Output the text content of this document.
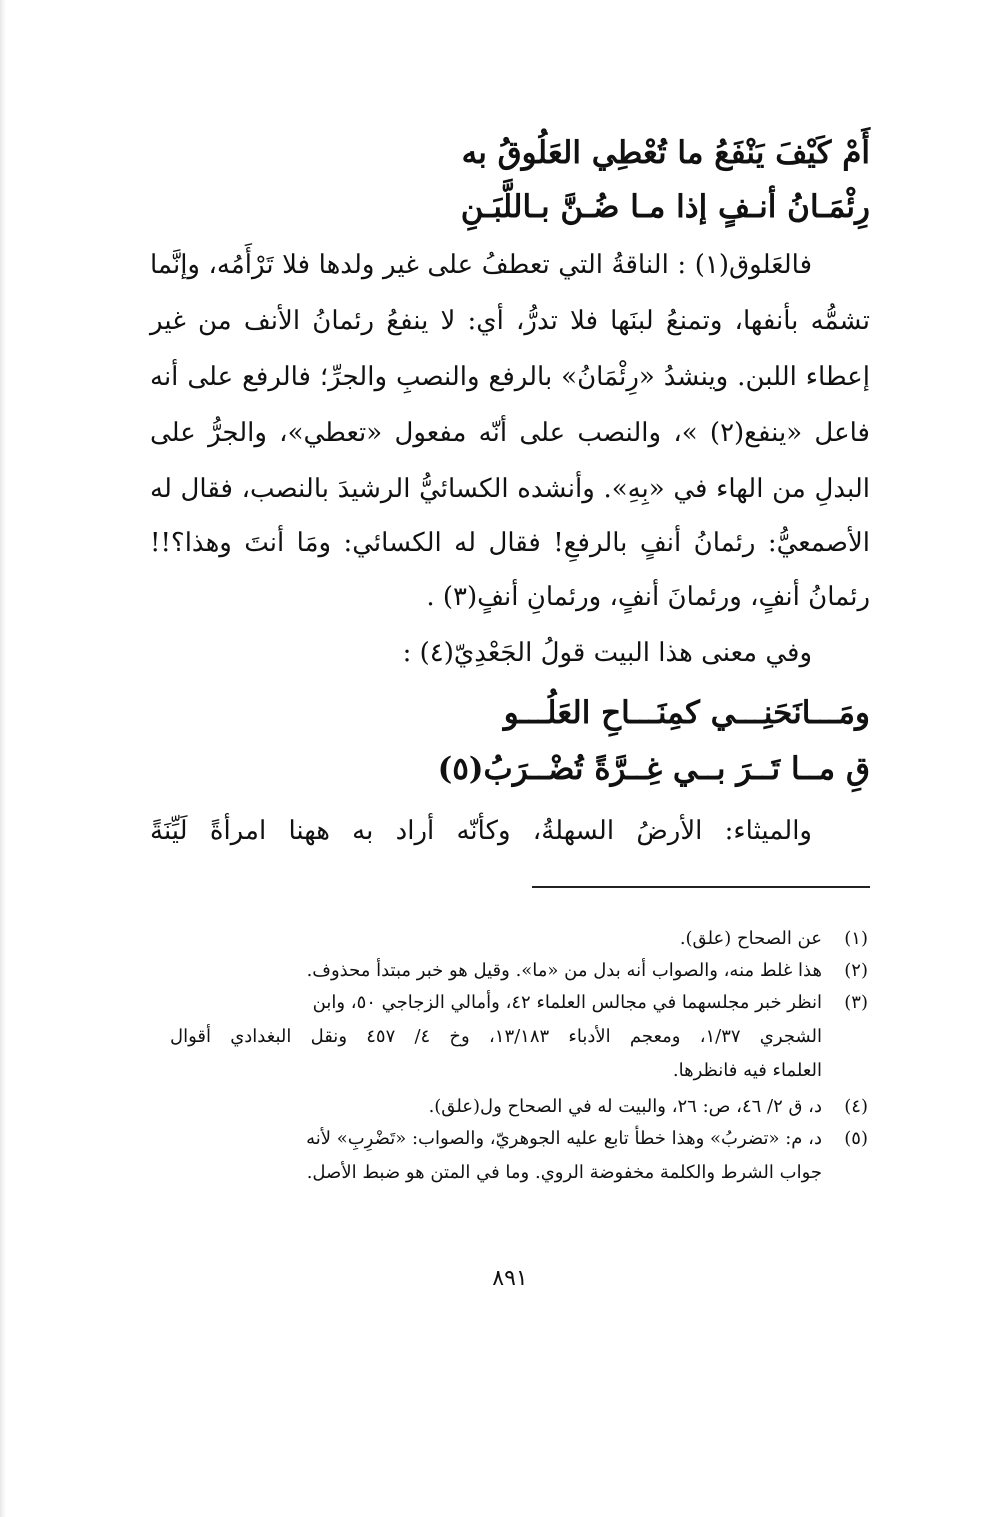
أَمْ كَيْفَ يَنْفَعُ ما تُعْطِي العَلُوقُ به
رِئْمَـانُ أنـفٍ إذا مـا ضُـنَّ بـاللَّبَـنِ
فالعَلوق(١) : الناقةُ التي تعطفُ على غير ولدها فلا تَرْأَمُه، وإنَّما
تشمُّه بأنفها، وتمنعُ لبنَها فلا تدرُّ، أي: لا ينفعُ رئمانُ الأنف من غير
إعطاء اللبن. وينشدُ «رِئْمَانُ» بالرفع والنصبِ والجرِّ؛ فالرفع على أنه
فاعل «ينفع(٢) »، والنصب على أنّه مفعول «تعطي»، والجرُّ على
البدلِ من الهاء في «بِهِ». وأنشده الكسائيُّ الرشيدَ بالنصب، فقال له
الأصمعيُّ: رئمانُ أنفٍ بالرفعِ! فقال له الكسائي: ومَا أنتَ وهذا؟!!
رئمانُ أنفٍ، ورئمانَ أنفٍ، ورئمانِ أنفٍ(٣) .
وفي معنى هذا البيت قولُ الجَعْدِيّ(٤) :
ومَـــانَحَنِـــي كمِنَـــاحِ العَلُـــو
قِ مــا تَــرَ بــي غِــرَّةً تُضْــرَبُ(٥)
والميثاء: الأرضُ السهلةُ، وكأنّه أراد به ههنا امرأةً لَيِّنَةً
(١)عن الصحاح (علق).
(٢)هذا غلط منه، والصواب أنه بدل من «ما». وقيل هو خبر مبتدأ محذوف.
(٣)انظر خبر مجلسهما في مجالس العلماء ٤٢، وأمالي الزجاجي ٥٠، وابن
الشجري ١/٣٧، ومعجم الأدباء ١٣/١٨٣، وخ ٤/ ٤٥٧ ونقل البغدادي أقوال
العلماء فيه فانظرها.
(٤)د، ق ٢/ ٤٦، ص: ٢٦، والبيت له في الصحاح ول(علق).
(٥)د، م: «تضربُ» وهذا خطأ تابع عليه الجوهريّ، والصواب: «تَضْرِبِ» لأنه
جواب الشرط والكلمة مخفوضة الروي. وما في المتن هو ضبط الأصل.
٨٩١
